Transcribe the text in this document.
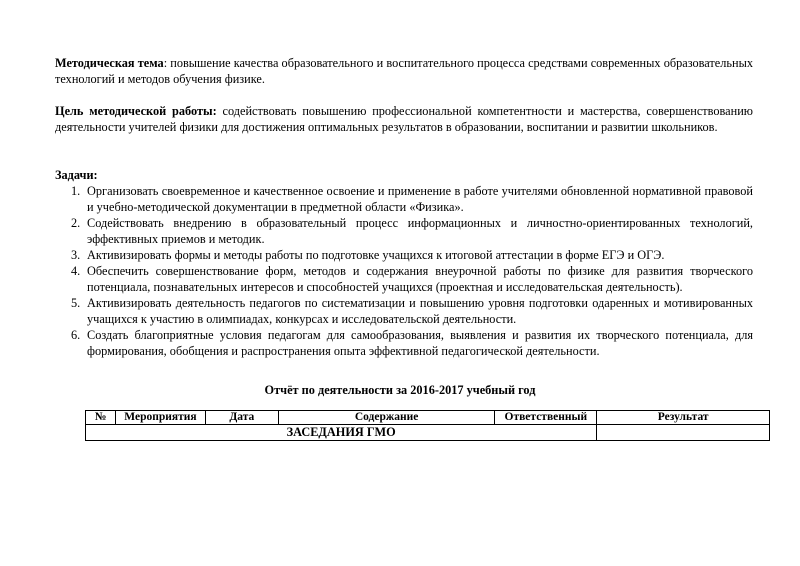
Методическая тема: повышение качества образовательного и воспитательного процесса средствами современных образовательных технологий и методов обучения физике.
Цель методической работы: содействовать повышению профессиональной компетентности и мастерства, совершенствованию деятельности учителей физики для достижения оптимальных результатов в образовании, воспитании и развитии школьников.
Задачи:
1. Организовать своевременное и качественное освоение и применение в работе учителями обновленной нормативной правовой и учебно-методической документации в предметной области «Физика».
2. Содействовать внедрению в образовательный процесс информационных и личностно-ориентированных технологий, эффективных приемов и методик.
3. Активизировать формы и методы работы по подготовке учащихся к итоговой аттестации в форме ЕГЭ и ОГЭ.
4. Обеспечить совершенствование форм, методов и содержания внеурочной работы по физике для развития творческого потенциала, познавательных интересов и способностей учащихся (проектная и исследовательская деятельность).
5. Активизировать деятельность педагогов по систематизации и повышению уровня подготовки одаренных и мотивированных учащихся к участию в олимпиадах, конкурсах и исследовательской деятельности.
6. Создать благоприятные условия педагогам для самообразования, выявления и развития их творческого потенциала, для формирования, обобщения и распространения опыта эффективной педагогической деятельности.
Отчёт по деятельности за 2016-2017 учебный год
№	Мероприятия	Дата	Содержание	Ответственный	Результат
ЗАСЕДАНИЯ ГМО					
